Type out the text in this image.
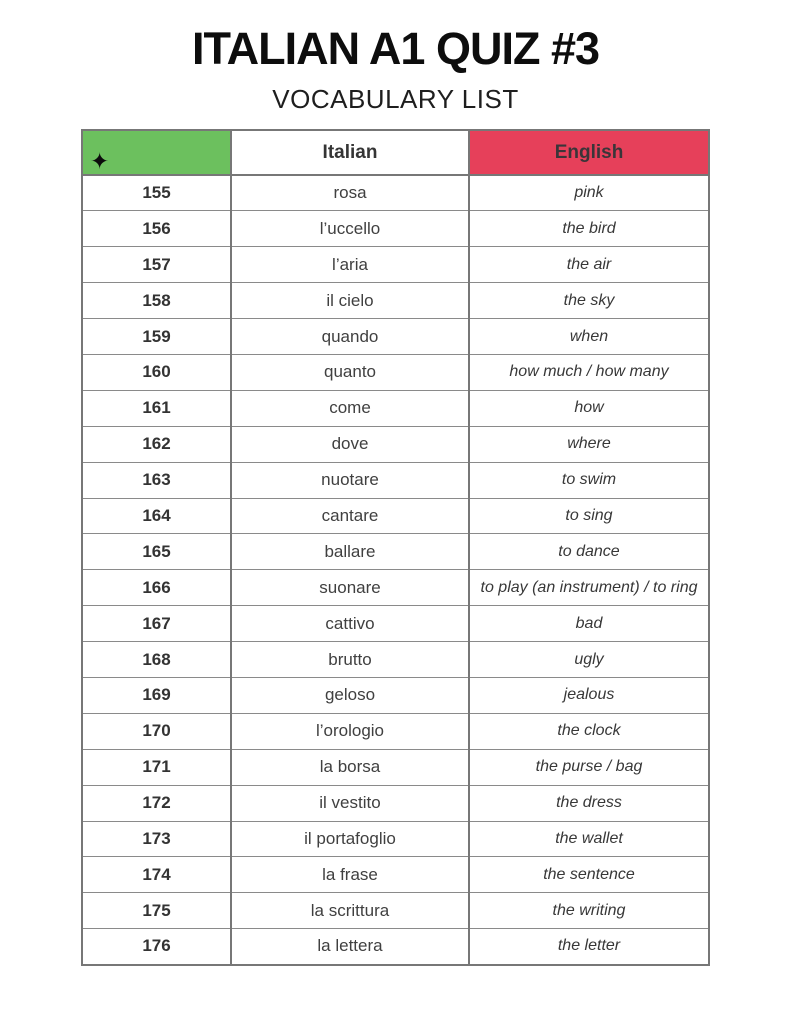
ITALIAN A1 QUIZ #3
VOCABULARY LIST
✦	Italian	English
155	rosa	pink
156	l’uccello	the bird
157	l’aria	the air
158	il cielo	the sky
159	quando	when
160	quanto	how much / how many
161	come	how
162	dove	where
163	nuotare	to swim
164	cantare	to sing
165	ballare	to dance
166	suonare	to play (an instrument) / to ring
167	cattivo	bad
168	brutto	ugly
169	geloso	jealous
170	l’orologio	the clock
171	la borsa	the purse / bag
172	il vestito	the dress
173	il portafoglio	the wallet
174	la frase	the sentence
175	la scrittura	the writing
176	la lettera	the letter
